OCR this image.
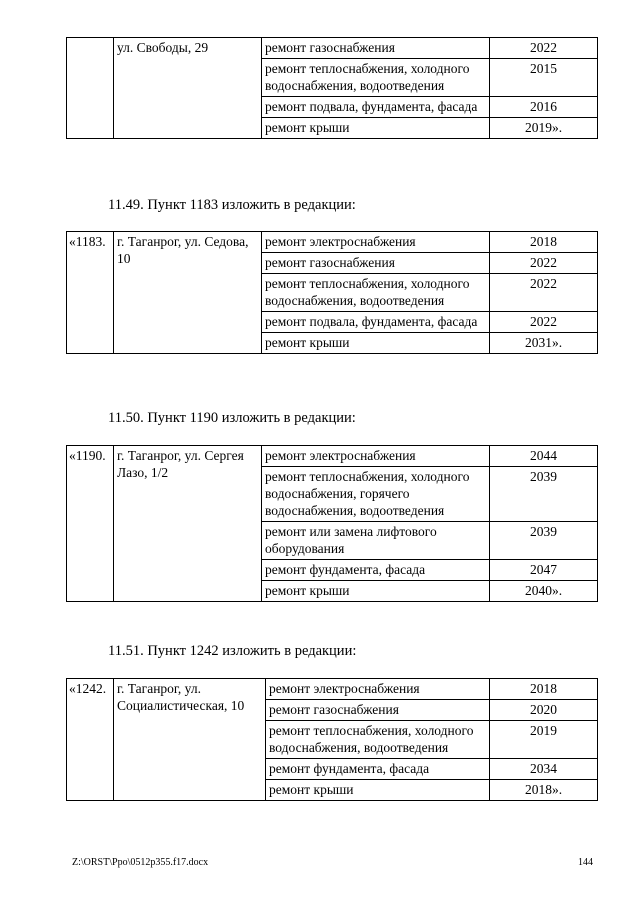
	ул. Свободы, 29	ремонт газоснабжения	2022
		ремонт теплоснабжения, холодного водоснабжения, водоотведения	2015
		ремонт подвала, фундамента, фасада	2016
		ремонт крыши	2019».

11.49. Пункт 1183 изложить в редакции:

«1183.	г. Таганрог, ул. Седова, 10	ремонт электроснабжения	2018
		ремонт газоснабжения	2022
		ремонт теплоснабжения, холодного водоснабжения, водоотведения	2022
		ремонт подвала, фундамента, фасада	2022
		ремонт крыши	2031».

11.50. Пункт 1190 изложить в редакции:

«1190.	г. Таганрог, ул. Сергея Лазо, 1/2	ремонт электроснабжения	2044
		ремонт теплоснабжения, холодного водоснабжения, горячего водоснабжения, водоотведения	2039
		ремонт или замена лифтового оборудования	2039
		ремонт фундамента, фасада	2047
		ремонт крыши	2040».

11.51. Пункт 1242 изложить в редакции:

«1242.	г. Таганрог, ул. Социалистическая, 10	ремонт электроснабжения	2018
		ремонт газоснабжения	2020
		ремонт теплоснабжения, холодного водоснабжения, водоотведения	2019
		ремонт фундамента, фасада	2034
		ремонт крыши	2018».
Z:\ORST\Ppo\0512p355.f17.docx	144
